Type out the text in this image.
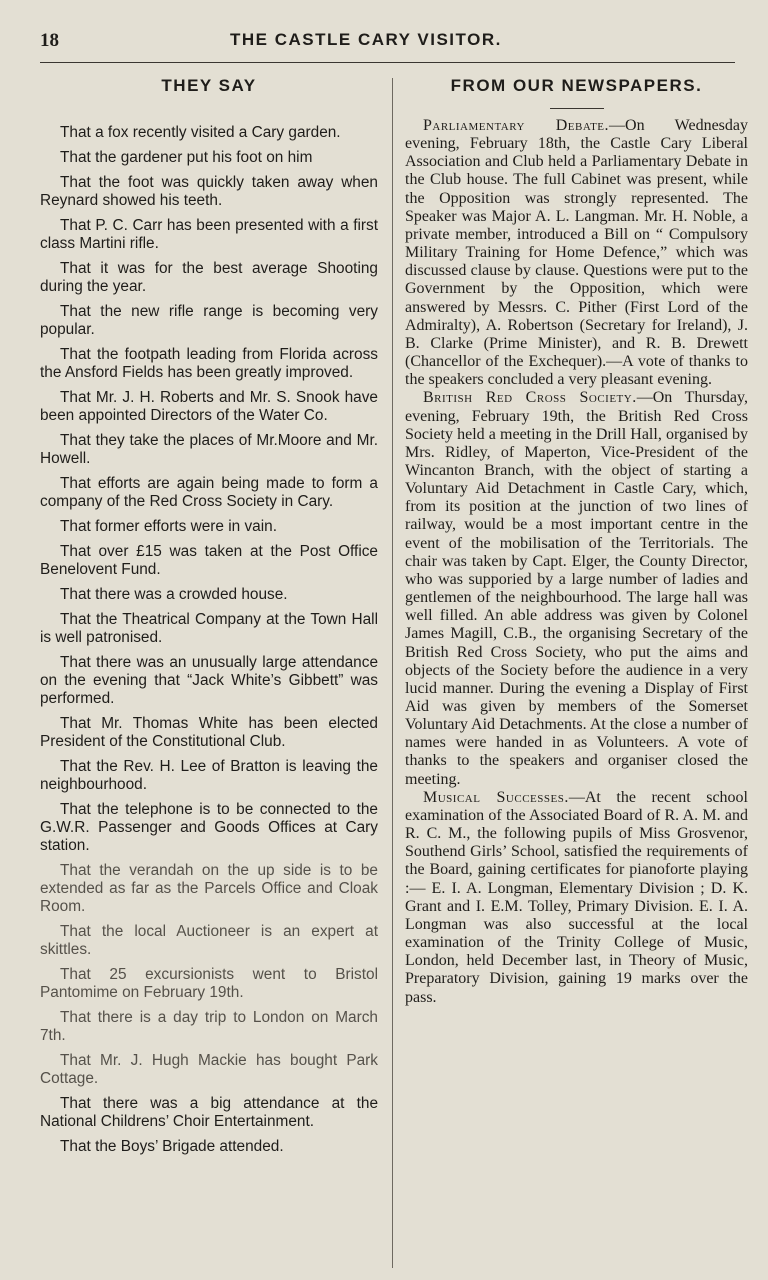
18	THE CASTLE CARY VISITOR.
THEY SAY

That a fox recently visited a Cary garden.

That the gardener put his foot on him

That the foot was quickly taken away when Reynard showed his teeth.

That P. C. Carr has been presented with a first class Martini rifle.

That it was for the best average Shooting during the year.

That the new rifle range is becoming very popular.

That the footpath leading from Florida across the Ansford Fields has been greatly improved.

That Mr. J. H. Roberts and Mr. S. Snook have been appointed Directors of the Water Co.

That they take the places of Mr.Moore and Mr. Howell.

That efforts are again being made to form a company of the Red Cross Society in Cary.

That former efforts were in vain.

That over £15 was taken at the Post Office Benelovent Fund.

That there was a crowded house.

That the Theatrical Company at the Town Hall is well patronised.

That there was an unusually large attendance on the evening that “Jack White’s Gibbett” was performed.

That Mr. Thomas White has been elected President of the Constitutional Club.

That the Rev. H. Lee of Bratton is leaving the neighbourhood.

That the telephone is to be connected to the G.W.R. Passenger and Goods Offices at Cary station.

That the verandah on the up side is to be extended as far as the Parcels Office and Cloak Room.

That the local Auctioneer is an expert at skittles.

That 25 excursionists went to Bristol Pantomime on February 19th.

That there is a day trip to London on March 7th.

That Mr. J. Hugh Mackie has bought Park Cottage.

That there was a big attendance at the National Childrens’ Choir Entertainment.

That the Boys’ Brigade attended.

FROM OUR NEWSPAPERS.

Parliamentary Debate.—On Wednesday evening, February 18th, the Castle Cary Liberal Association and Club held a Parliamentary Debate in the Club house. The full Cabinet was present, while the Opposition was strongly represented. The Speaker was Major A. L. Langman. Mr. H. Noble, a private member, introduced a Bill on “ Compulsory Military Training for Home Defence,” which was discussed clause by clause. Questions were put to the Government by the Opposition, which were answered by Messrs. C. Pither (First Lord of the Admiralty), A. Robertson (Secretary for Ireland), J. B. Clarke (Prime Minister), and R. B. Drewett (Chancellor of the Exchequer).—A vote of thanks to the speakers concluded a very pleasant evening.

British Red Cross Society.—On Thursday, evening, February 19th, the British Red Cross Society held a meeting in the Drill Hall, organised by Mrs. Ridley, of Maperton, Vice-President of the Wincanton Branch, with the object of starting a Voluntary Aid Detachment in Castle Cary, which, from its position at the junction of two lines of railway, would be a most important centre in the event of the mobilisation of the Territorials. The chair was taken by Capt. Elger, the County Director, who was supporied by a large number of ladies and gentlemen of the neighbourhood. The large hall was well filled. An able address was given by Colonel James Magill, C.B., the organising Secretary of the British Red Cross Society, who put the aims and objects of the Society before the audience in a very lucid manner. During the evening a Display of First Aid was given by members of the Somerset Voluntary Aid Detachments. At the close a number of names were handed in as Volunteers. A vote of thanks to the speakers and organiser closed the meeting.

Musical Successes.—At the recent school examination of the Associated Board of R. A. M. and R. C. M., the following pupils of Miss Grosvenor, Southend Girls’ School, satisfied the requirements of the Board, gaining certificates for pianoforte playing :— E. I. A. Longman, Elementary Division ; D. K. Grant and I. E.M. Tolley, Primary Division. E. I. A. Longman was also successful at the local examination of the Trinity College of Music, London, held December last, in Theory of Music, Preparatory Division, gaining 19 marks over the pass.
